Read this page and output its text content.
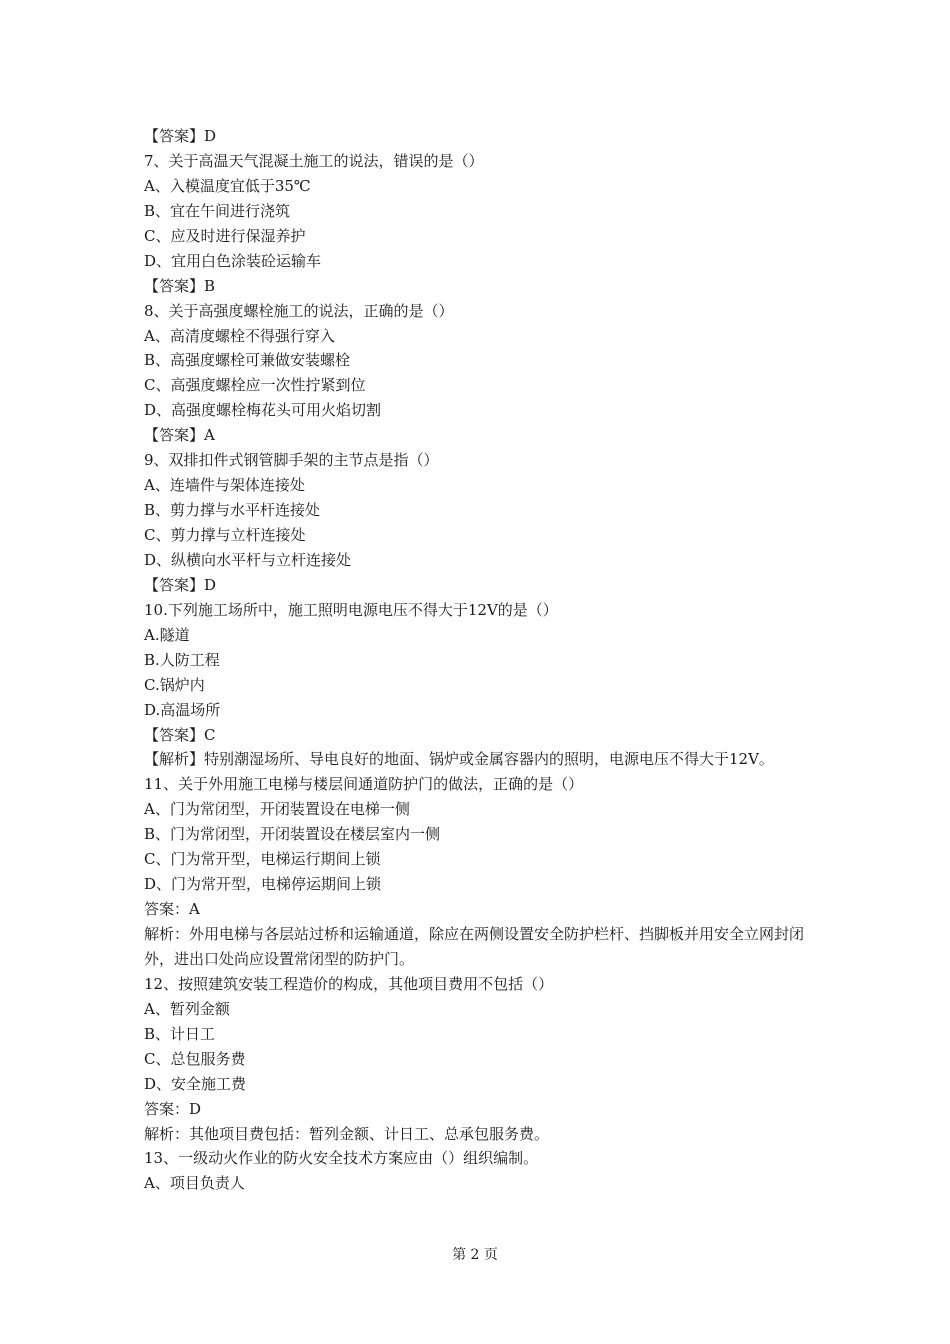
【答案】D
7、关于高温天气混凝土施工的说法，错误的是（）
A、入模温度宜低于35℃
B、宜在午间进行浇筑
C、应及时进行保湿养护
D、宜用白色涂装砼运输车
【答案】B
8、关于高强度螺栓施工的说法，正确的是（）
A、高清度螺栓不得强行穿入
B、高强度螺栓可兼做安装螺栓
C、高强度螺栓应一次性拧紧到位
D、高强度螺栓梅花头可用火焰切割
【答案】A
9、双排扣件式钢管脚手架的主节点是指（）
A、连墙件与架体连接处
B、剪力撑与水平杆连接处
C、剪力撑与立杆连接处
D、纵横向水平杆与立杆连接处
【答案】D
10.下列施工场所中，施工照明电源电压不得大于12V的是（）
A.隧道
B.人防工程
C.锅炉内
D.高温场所
【答案】C
【解析】特别潮湿场所、导电良好的地面、锅炉或金属容器内的照明，电源电压不得大于12V。
11、关于外用施工电梯与楼层间通道防护门的做法，正确的是（）
A、门为常闭型，开闭装置设在电梯一侧
B、门为常闭型，开闭装置设在楼层室内一侧
C、门为常开型，电梯运行期间上锁
D、门为常开型，电梯停运期间上锁
答案：A
解析：外用电梯与各层站过桥和运输通道，除应在两侧设置安全防护栏杆、挡脚板并用安全立网封闭外，进出口处尚应设置常闭型的防护门。
12、按照建筑安装工程造价的构成，其他项目费用不包括（）
A、暂列金额
B、计日工
C、总包服务费
D、安全施工费
答案：D
解析：其他项目费包括：暂列金额、计日工、总承包服务费。
13、一级动火作业的防火安全技术方案应由（）组织编制。
A、项目负责人
第 2 页
